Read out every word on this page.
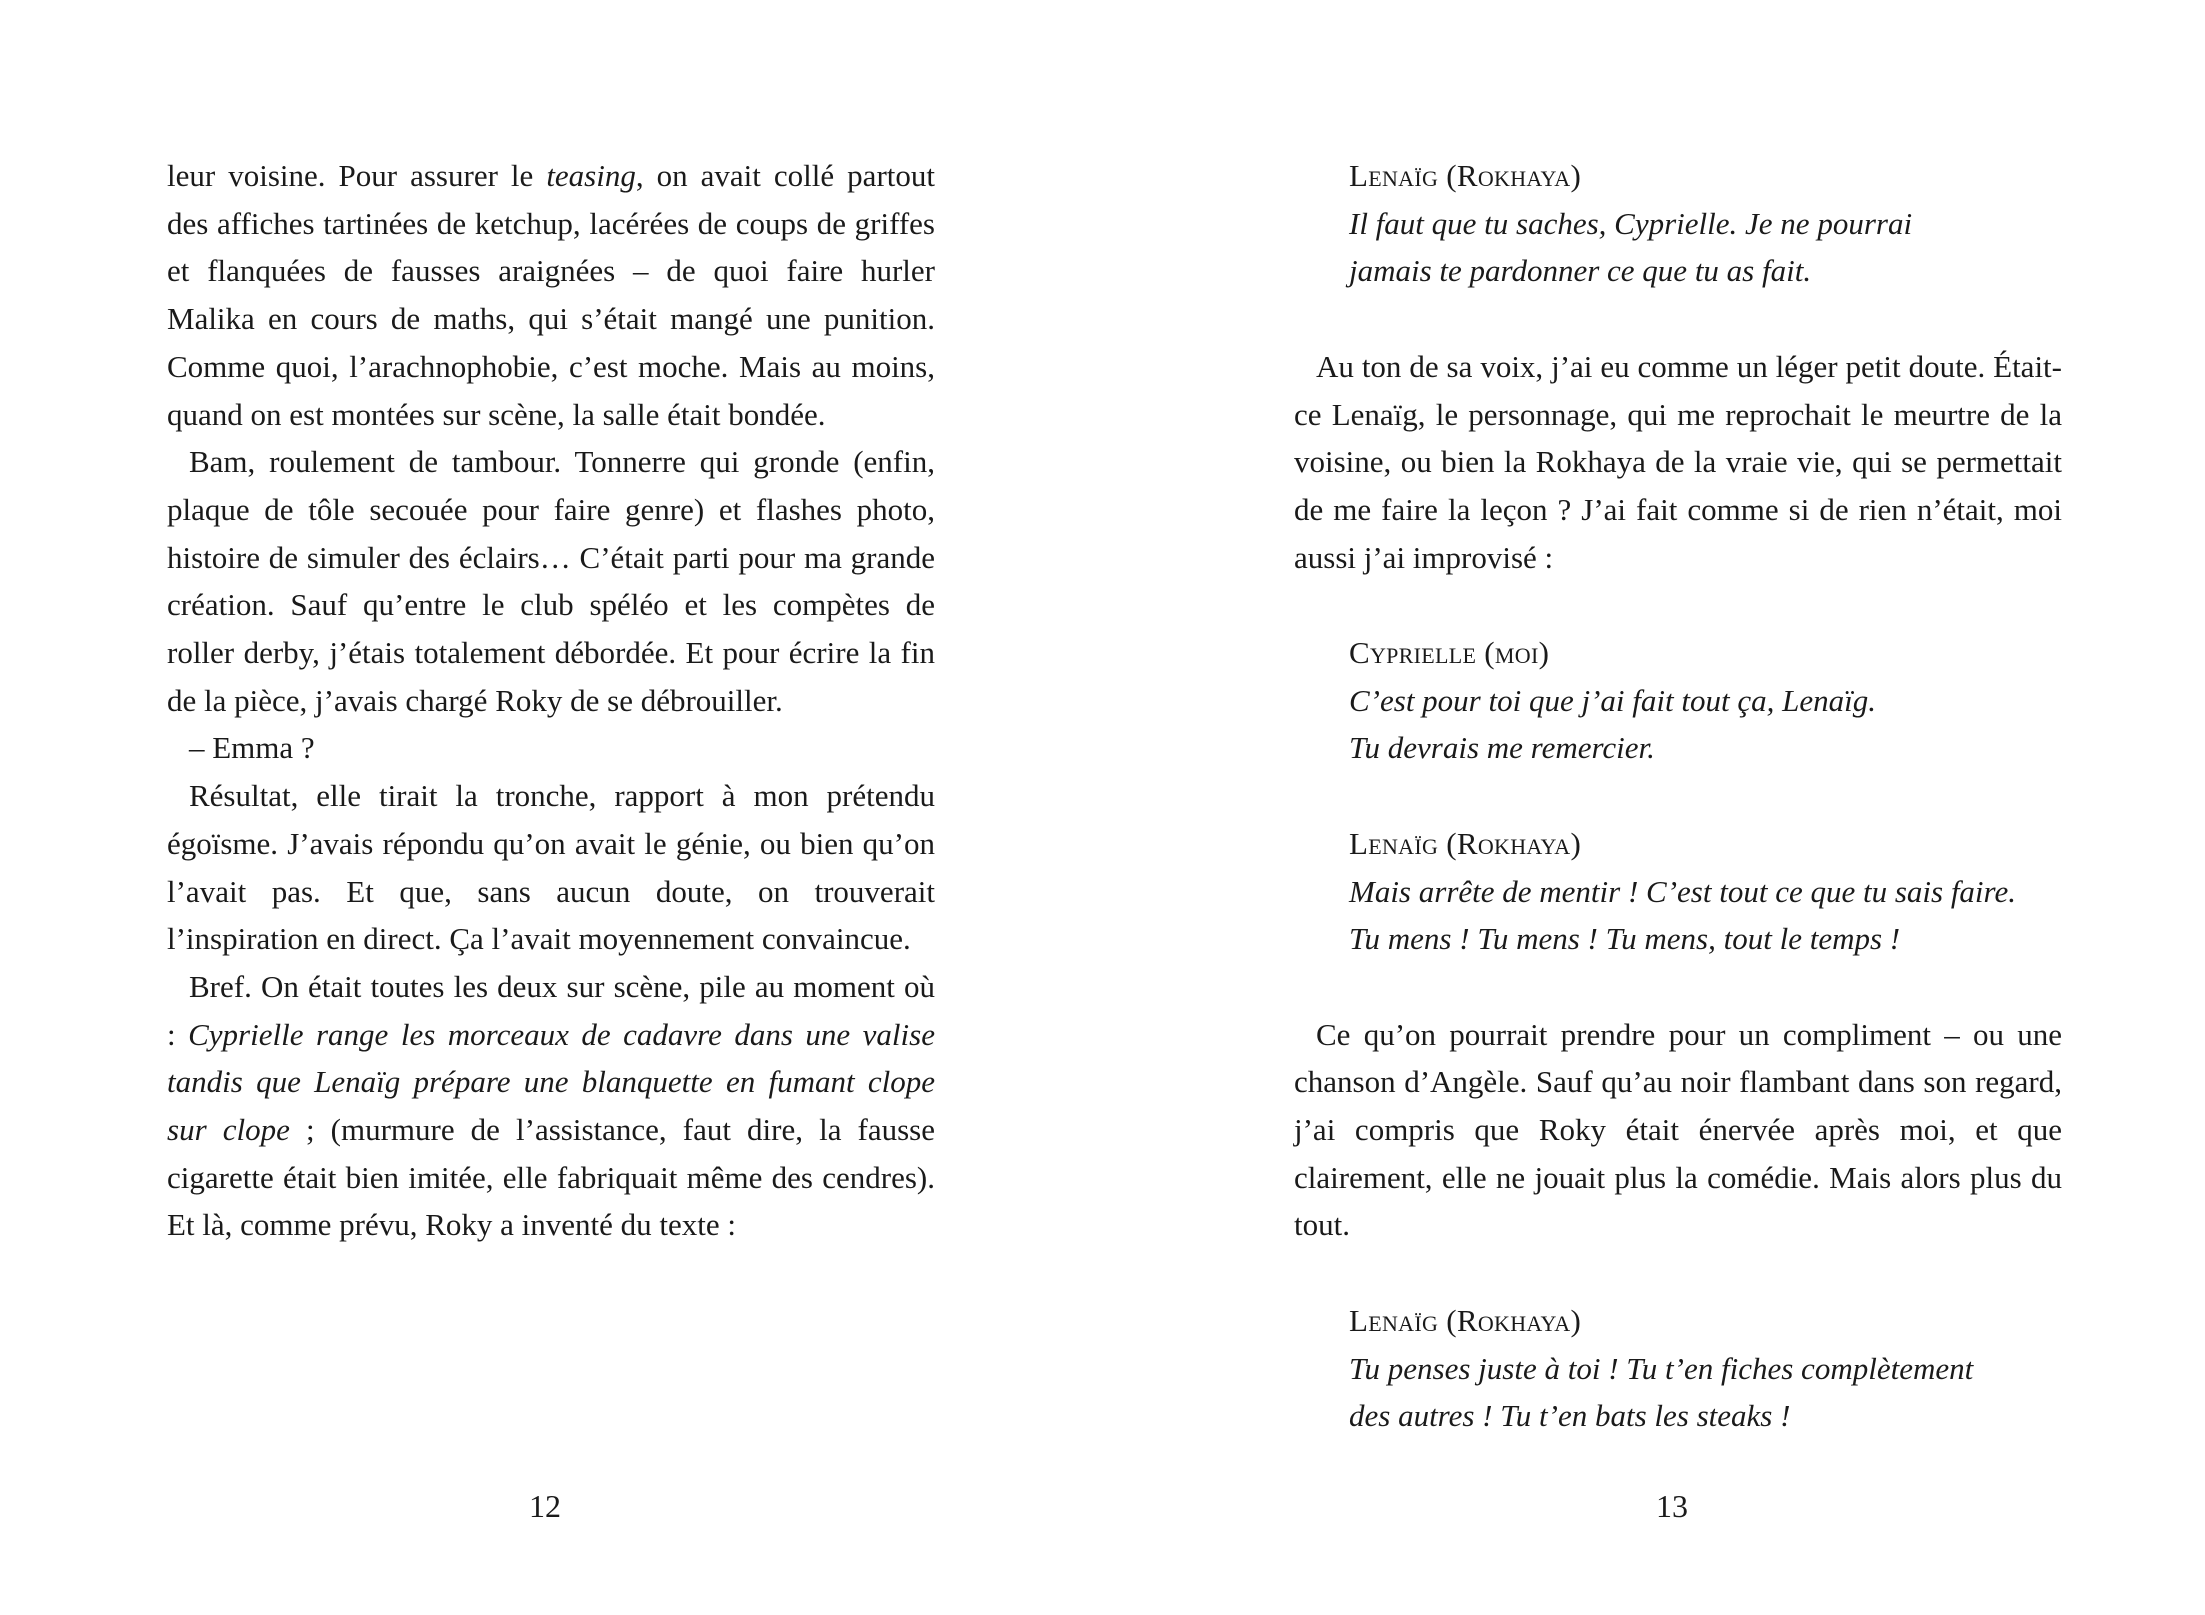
leur voisine. Pour assurer le teasing, on avait collé partout des affiches tartinées de ketchup, lacérées de coups de griffes et flanquées de fausses araignées – de quoi faire hurler Malika en cours de maths, qui s’était mangé une punition. Comme quoi, l’arachnophobie, c’est moche. Mais au moins, quand on est montées sur scène, la salle était bondée.

Bam, roulement de tambour. Tonnerre qui gronde (enfin, plaque de tôle secouée pour faire genre) et flashes photo, histoire de simuler des éclairs… C’était parti pour ma grande création. Sauf qu’entre le club spéléo et les compètes de roller derby, j’étais totalement débordée. Et pour écrire la fin de la pièce, j’avais chargé Roky de se débrouiller.

– Emma ?

Résultat, elle tirait la tronche, rapport à mon prétendu égoïsme. J’avais répondu qu’on avait le génie, ou bien qu’on l’avait pas. Et que, sans aucun doute, on trouverait l’inspiration en direct. Ça l’avait moyennement convaincue.

Bref. On était toutes les deux sur scène, pile au moment où : Cyprielle range les morceaux de cadavre dans une valise tandis que Lenaïg prépare une blanquette en fumant clope sur clope ; (murmure de l’assistance, faut dire, la fausse cigarette était bien imitée, elle fabriquait même des cendres). Et là, comme prévu, Roky a inventé du texte :

12
Lenaïg (Rokhaya)
Il faut que tu saches, Cyprielle. Je ne pourrai
jamais te pardonner ce que tu as fait.

Au ton de sa voix, j’ai eu comme un léger petit doute. Était-ce Lenaïg, le personnage, qui me reprochait le meurtre de la voisine, ou bien la Rokhaya de la vraie vie, qui se permettait de me faire la leçon ? J’ai fait comme si de rien n’était, moi aussi j’ai improvisé :

Cyprielle (moi)
C’est pour toi que j’ai fait tout ça, Lenaïg.
Tu devrais me remercier.
Lenaïg (Rokhaya)
Mais arrête de mentir ! C’est tout ce que tu sais faire.
Tu mens ! Tu mens ! Tu mens, tout le temps !

Ce qu’on pourrait prendre pour un compliment – ou une chanson d’Angèle. Sauf qu’au noir flambant dans son regard, j’ai compris que Roky était énervée après moi, et que clairement, elle ne jouait plus la comédie. Mais alors plus du tout.

Lenaïg (Rokhaya)
Tu penses juste à toi ! Tu t’en fiches complètement
des autres ! Tu t’en bats les steaks !
13
